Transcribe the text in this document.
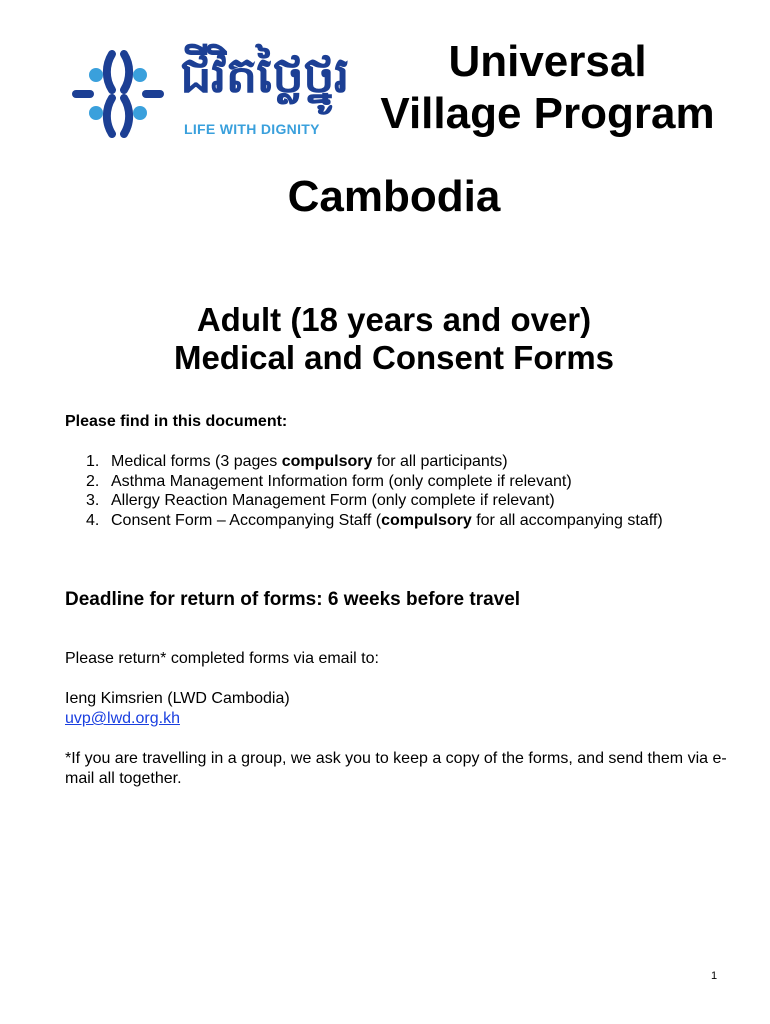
ជីវិតថ្លៃថ្នូរ
LIFE WITH DIGNITY
Universal
Village Program
Cambodia
Adult (18 years and over)
Medical and Consent Forms
Please find in this document:
1. Medical forms (3 pages compulsory for all participants)
2. Asthma Management Information form (only complete if relevant)
3. Allergy Reaction Management Form (only complete if relevant)
4. Consent Form – Accompanying Staff (compulsory for all accompanying staff)
Deadline for return of forms: 6 weeks before travel
Please return* completed forms via email to:
Ieng Kimsrien (LWD Cambodia)
uvp@lwd.org.kh
*If you are travelling in a group, we ask you to keep a copy of the forms, and send them via e-mail all together.
1
